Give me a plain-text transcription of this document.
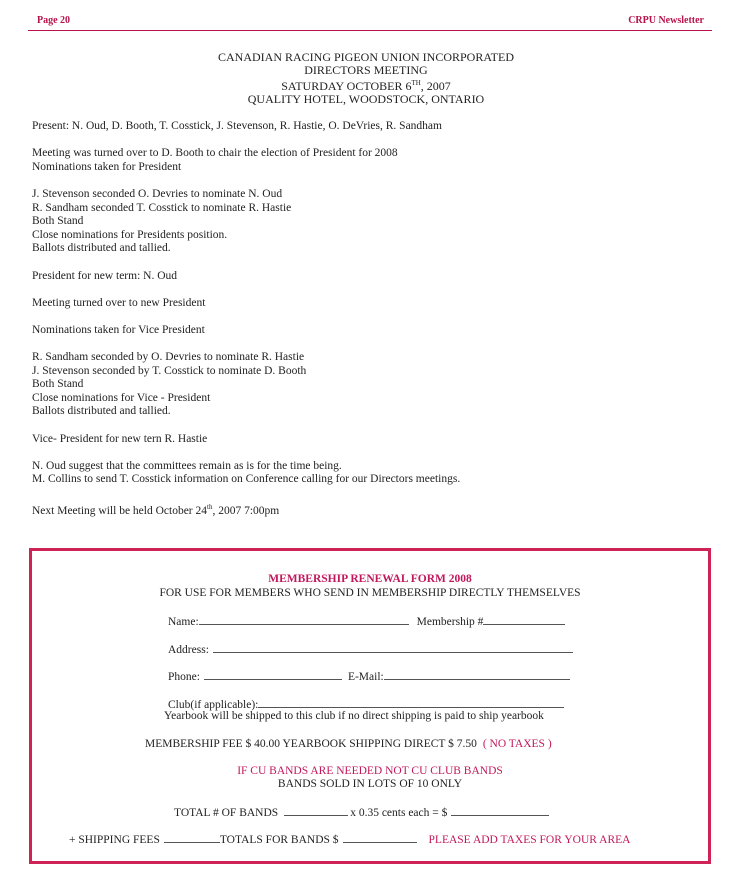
Page 20	CRPU Newsletter
CANADIAN RACING PIGEON UNION INCORPORATED
DIRECTORS MEETING
SATURDAY OCTOBER 6TH, 2007
QUALITY HOTEL, WOODSTOCK, ONTARIO
Present: N. Oud, D. Booth, T. Cosstick, J. Stevenson, R. Hastie, O. DeVries, R. Sandham
Meeting was turned over to D. Booth to chair the election of President for 2008
Nominations taken for President
J. Stevenson seconded O. Devries to nominate N. Oud
R. Sandham seconded T. Cosstick to nominate R. Hastie
Both Stand
Close nominations for Presidents position.
Ballots distributed and tallied.
President for new term: N. Oud
Meeting turned over to new President
Nominations taken for Vice President
R. Sandham seconded by O. Devries to nominate R. Hastie
J. Stevenson seconded by T. Cosstick to nominate D. Booth
Both Stand
Close nominations for Vice - President
Ballots distributed and tallied.
Vice- President for new tern R. Hastie
N. Oud suggest that the committees remain as is for the time being.
M. Collins to send T. Cosstick information on Conference calling for our Directors meetings.
Next Meeting will be held October 24th, 2007 7:00pm
MEMBERSHIP RENEWAL FORM 2008
FOR USE FOR MEMBERS WHO SEND IN MEMBERSHIP DIRECTLY THEMSELVES
Name:	Membership #
Address:
Phone:	E-Mail:
Club(if applicable):
Yearbook will be shipped to this club if no direct shipping is paid to ship yearbook
MEMBERSHIP FEE $ 40.00 YEARBOOK SHIPPING DIRECT $ 7.50 ( NO TAXES )
IF CU BANDS ARE NEEDED NOT CU CLUB BANDS
BANDS SOLD IN LOTS OF 10 ONLY
TOTAL # OF BANDS	x 0.35 cents each = $
+ SHIPPING FEES	TOTALS FOR BANDS $	PLEASE ADD TAXES FOR YOUR AREA
